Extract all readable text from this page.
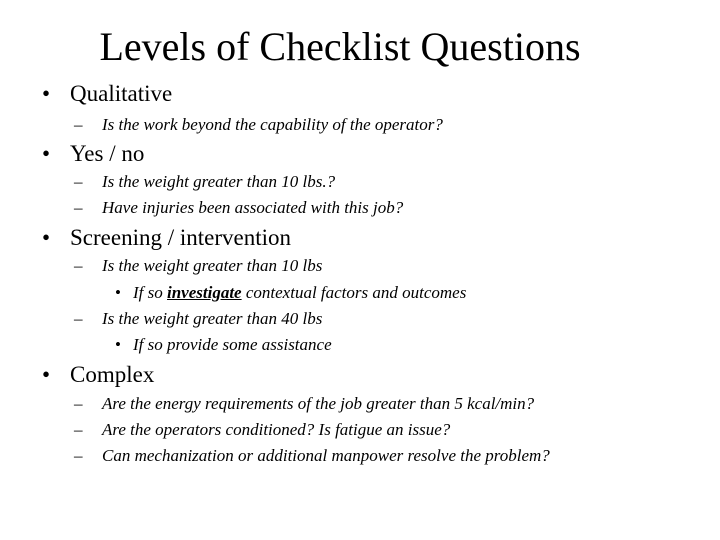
Levels of Checklist Questions
• Qualitative
– Is the work beyond the capability of the operator?
• Yes / no
– Is the weight greater than 10 lbs.?
– Have injuries been associated with this job?
• Screening / intervention
– Is the weight greater than 10 lbs
• If so investigate contextual factors and outcomes
– Is the weight greater than 40 lbs
• If so provide some assistance
• Complex
– Are the energy requirements of the job greater than 5 kcal/min?
– Are the operators conditioned? Is fatigue an issue?
– Can mechanization or additional manpower resolve the problem?
